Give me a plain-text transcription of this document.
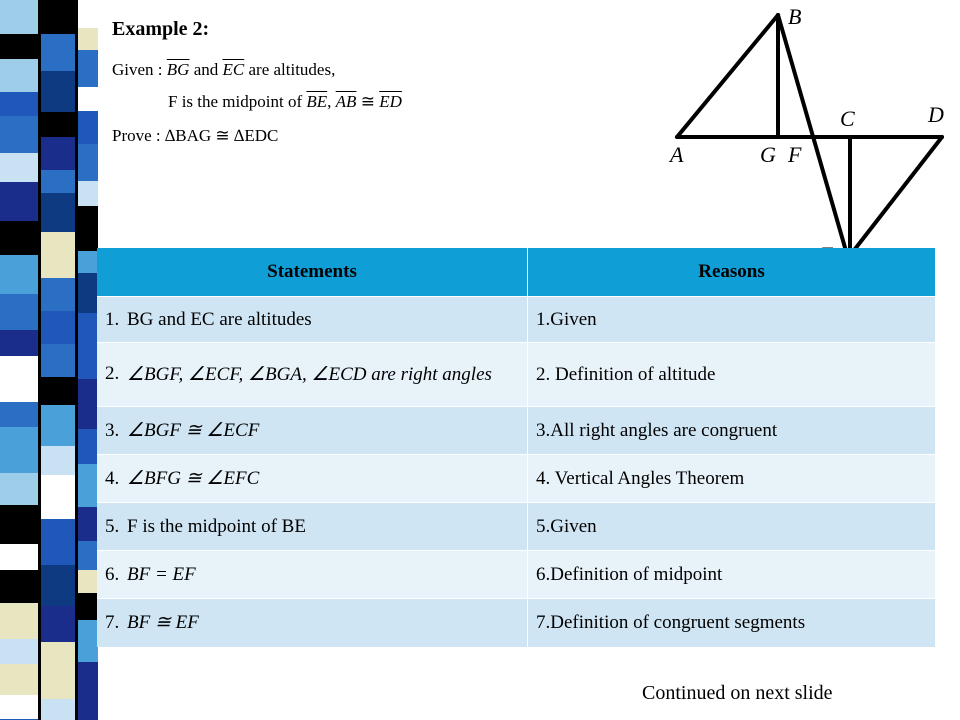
Example 2:
Given : $\overline{BG}$ and $\overline{EC}$ are altitudes,
F is the midpoint of $\overline{BE}$, $\overline{AB}$ ≅ $\overline{ED}$
Prove : ∆BAG ≅ ∆EDC
B
A	G F
C	D
Statements	Reasons
1. BG and EC are altitudes	1.Given
2. ∠BGF, ∠ECF, ∠BGA, ∠ECD are right angles	2. Definition of altitude
3. ∠BGF ≅ ∠ECF	3.All right angles are congruent
4. ∠BFG ≅ ∠EFC	4. Vertical Angles Theorem
5. F is the midpoint of BE	5.Given
6. BF = EF	6.Definition of midpoint
7. BF ≅ EF	7.Definition of congruent segments
Continued on next slide
